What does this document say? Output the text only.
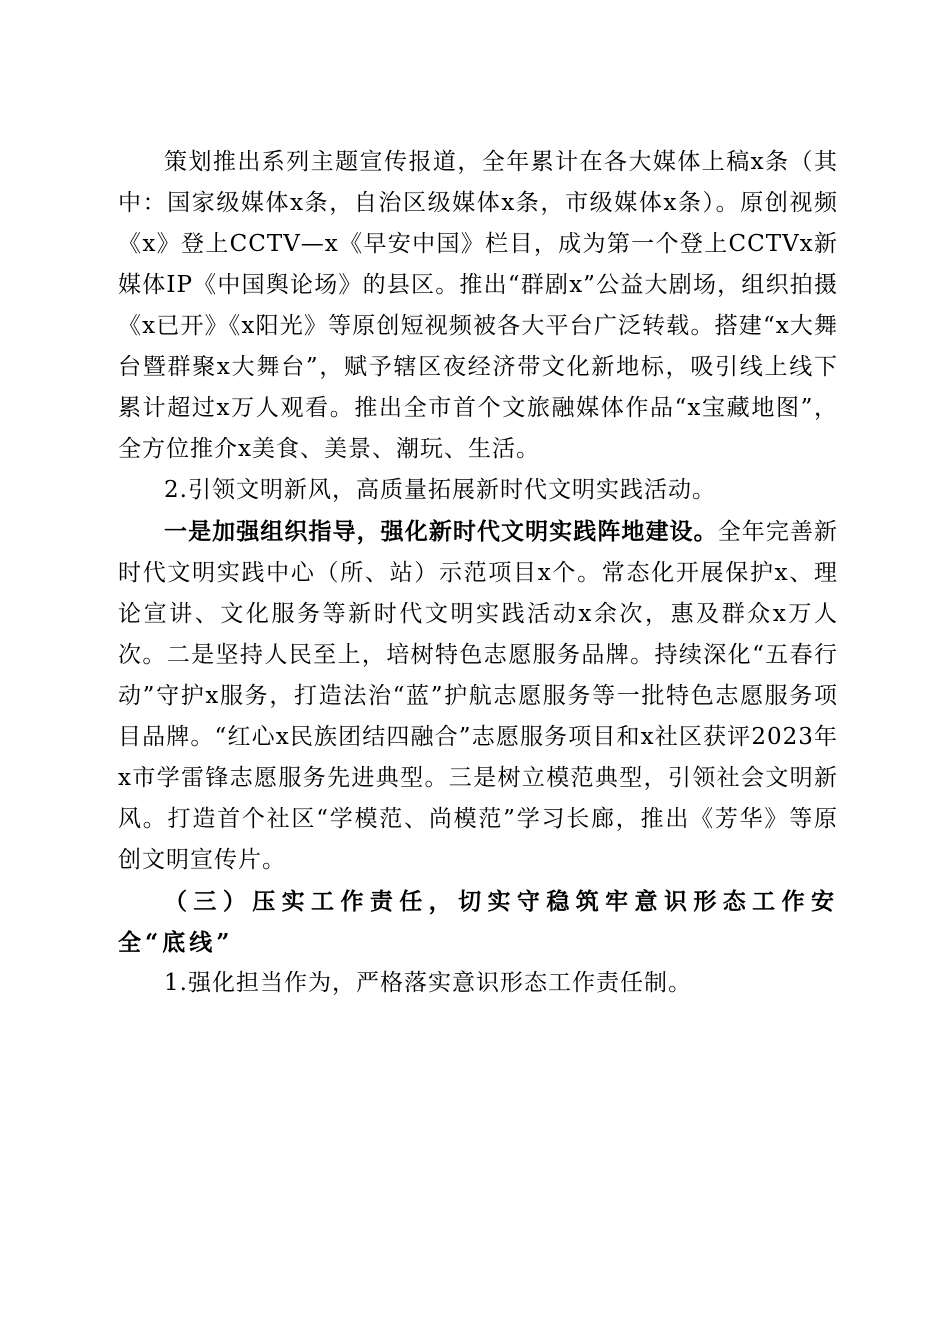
策划推出系列主题宣传报道，全年累计在各大媒体上稿x条（其中：国家级媒体x条，自治区级媒体x条，市级媒体x条）。原创视频《x》登上CCTV—x《早安中国》栏目，成为第一个登上CCTVx新媒体IP《中国舆论场》的县区。推出“群剧x”公益大剧场，组织拍摄《x已开》《x阳光》等原创短视频被各大平台广泛转载。搭建“x大舞台暨群聚x大舞台”，赋予辖区夜经济带文化新地标，吸引线上线下累计超过x万人观看。推出全市首个文旅融媒体作品“x宝藏地图”，全方位推介x美食、美景、潮玩、生活。

2.引领文明新风，高质量拓展新时代文明实践活动。

一是加强组织指导，强化新时代文明实践阵地建设。全年完善新时代文明实践中心（所、站）示范项目x个。常态化开展保护x、理论宣讲、文化服务等新时代文明实践活动x余次，惠及群众x万人次。二是坚持人民至上，培树特色志愿服务品牌。持续深化“五春行动”守护x服务，打造法治“蓝”护航志愿服务等一批特色志愿服务项目品牌。“红心x民族团结四融合”志愿服务项目和x社区获评2023年x市学雷锋志愿服务先进典型。三是树立模范典型，引领社会文明新风。打造首个社区“学模范、尚模范”学习长廊，推出《芳华》等原创文明宣传片。

（三）压实工作责任，切实守稳筑牢意识形态工作安全“底线”

1.强化担当作为，严格落实意识形态工作责任制。
